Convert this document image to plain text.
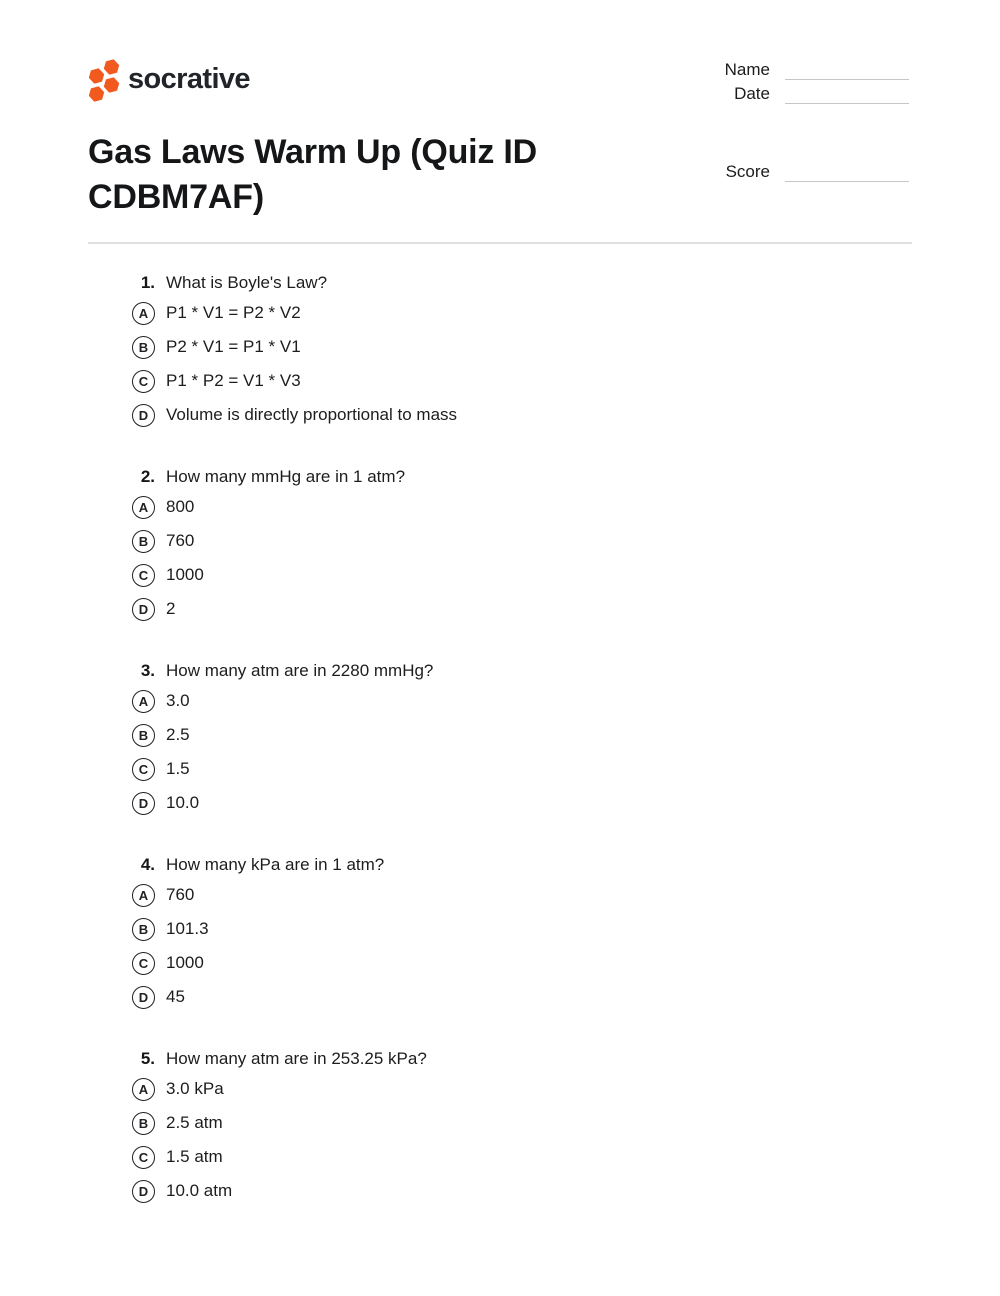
socrative	Name
Date
Gas Laws Warm Up (Quiz ID CDBM7AF)
Score
1. What is Boyle's Law?
A P1 * V1 = P2 * V2
B P2 * V1 = P1 * V1
C P1 * P2 = V1 * V3
D Volume is directly proportional to mass
2. How many mmHg are in 1 atm?
A 800
B 760
C 1000
D 2
3. How many atm are in 2280 mmHg?
A 3.0
B 2.5
C 1.5
D 10.0
4. How many kPa are in 1 atm?
A 760
B 101.3
C 1000
D 45
5. How many atm are in 253.25 kPa?
A 3.0 kPa
B 2.5 atm
C 1.5 atm
D 10.0 atm
